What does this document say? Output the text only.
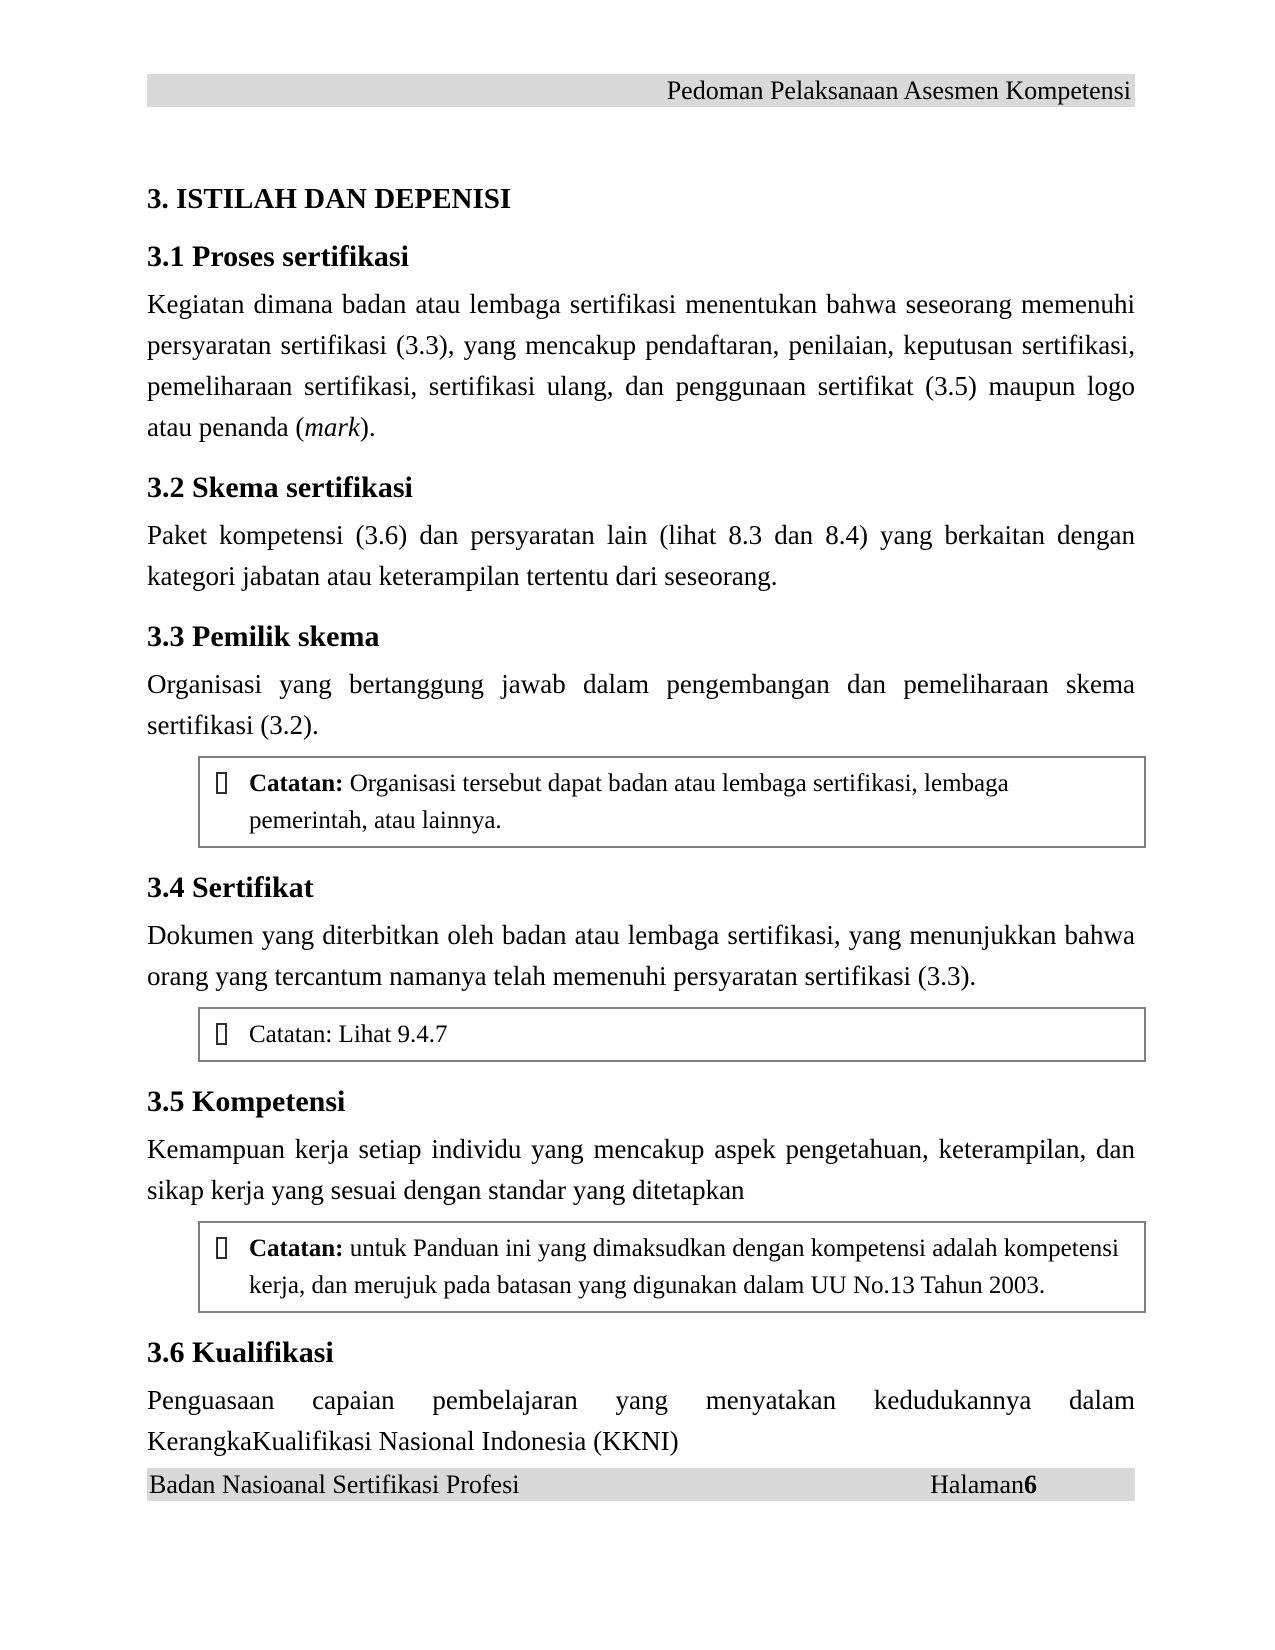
Pedoman Pelaksanaan Asesmen Kompetensi
3. ISTILAH DAN DEPENISI
3.1 Proses sertifikasi

Kegiatan dimana badan atau lembaga sertifikasi menentukan bahwa seseorang memenuhi persyaratan sertifikasi (3.3), yang mencakup pendaftaran, penilaian, keputusan sertifikasi, pemeliharaan sertifikasi, sertifikasi ulang, dan penggunaan sertifikat (3.5) maupun logo atau penanda (mark).

3.2 Skema sertifikasi

Paket kompetensi (3.6) dan persyaratan lain (lihat 8.3 dan 8.4) yang berkaitan dengan kategori jabatan atau keterampilan tertentu dari seseorang.

3.3 Pemilik skema

Organisasi yang bertanggung jawab dalam pengembangan dan pemeliharaan skema sertifikasi (3.2).

Catatan: Organisasi tersebut dapat badan atau lembaga sertifikasi, lembaga pemerintah, atau lainnya.
3.4 Sertifikat

Dokumen yang diterbitkan oleh badan atau lembaga sertifikasi, yang menunjukkan bahwa orang yang tercantum namanya telah memenuhi persyaratan sertifikasi (3.3).

Catatan: Lihat 9.4.7
3.5 Kompetensi

Kemampuan kerja setiap individu yang mencakup aspek pengetahuan, keterampilan, dan sikap kerja yang sesuai dengan standar yang ditetapkan

Catatan: untuk Panduan ini yang dimaksudkan dengan kompetensi adalah kompetensi kerja, dan merujuk pada batasan yang digunakan dalam UU No.13 Tahun 2003.
3.6 Kualifikasi

Penguasaan capaian pembelajaran yang menyatakan kedudukannya dalam KerangkaKualifikasi Nasional Indonesia (KKNI)

Badan Nasioanal Sertifikasi Profesi	Halaman6
